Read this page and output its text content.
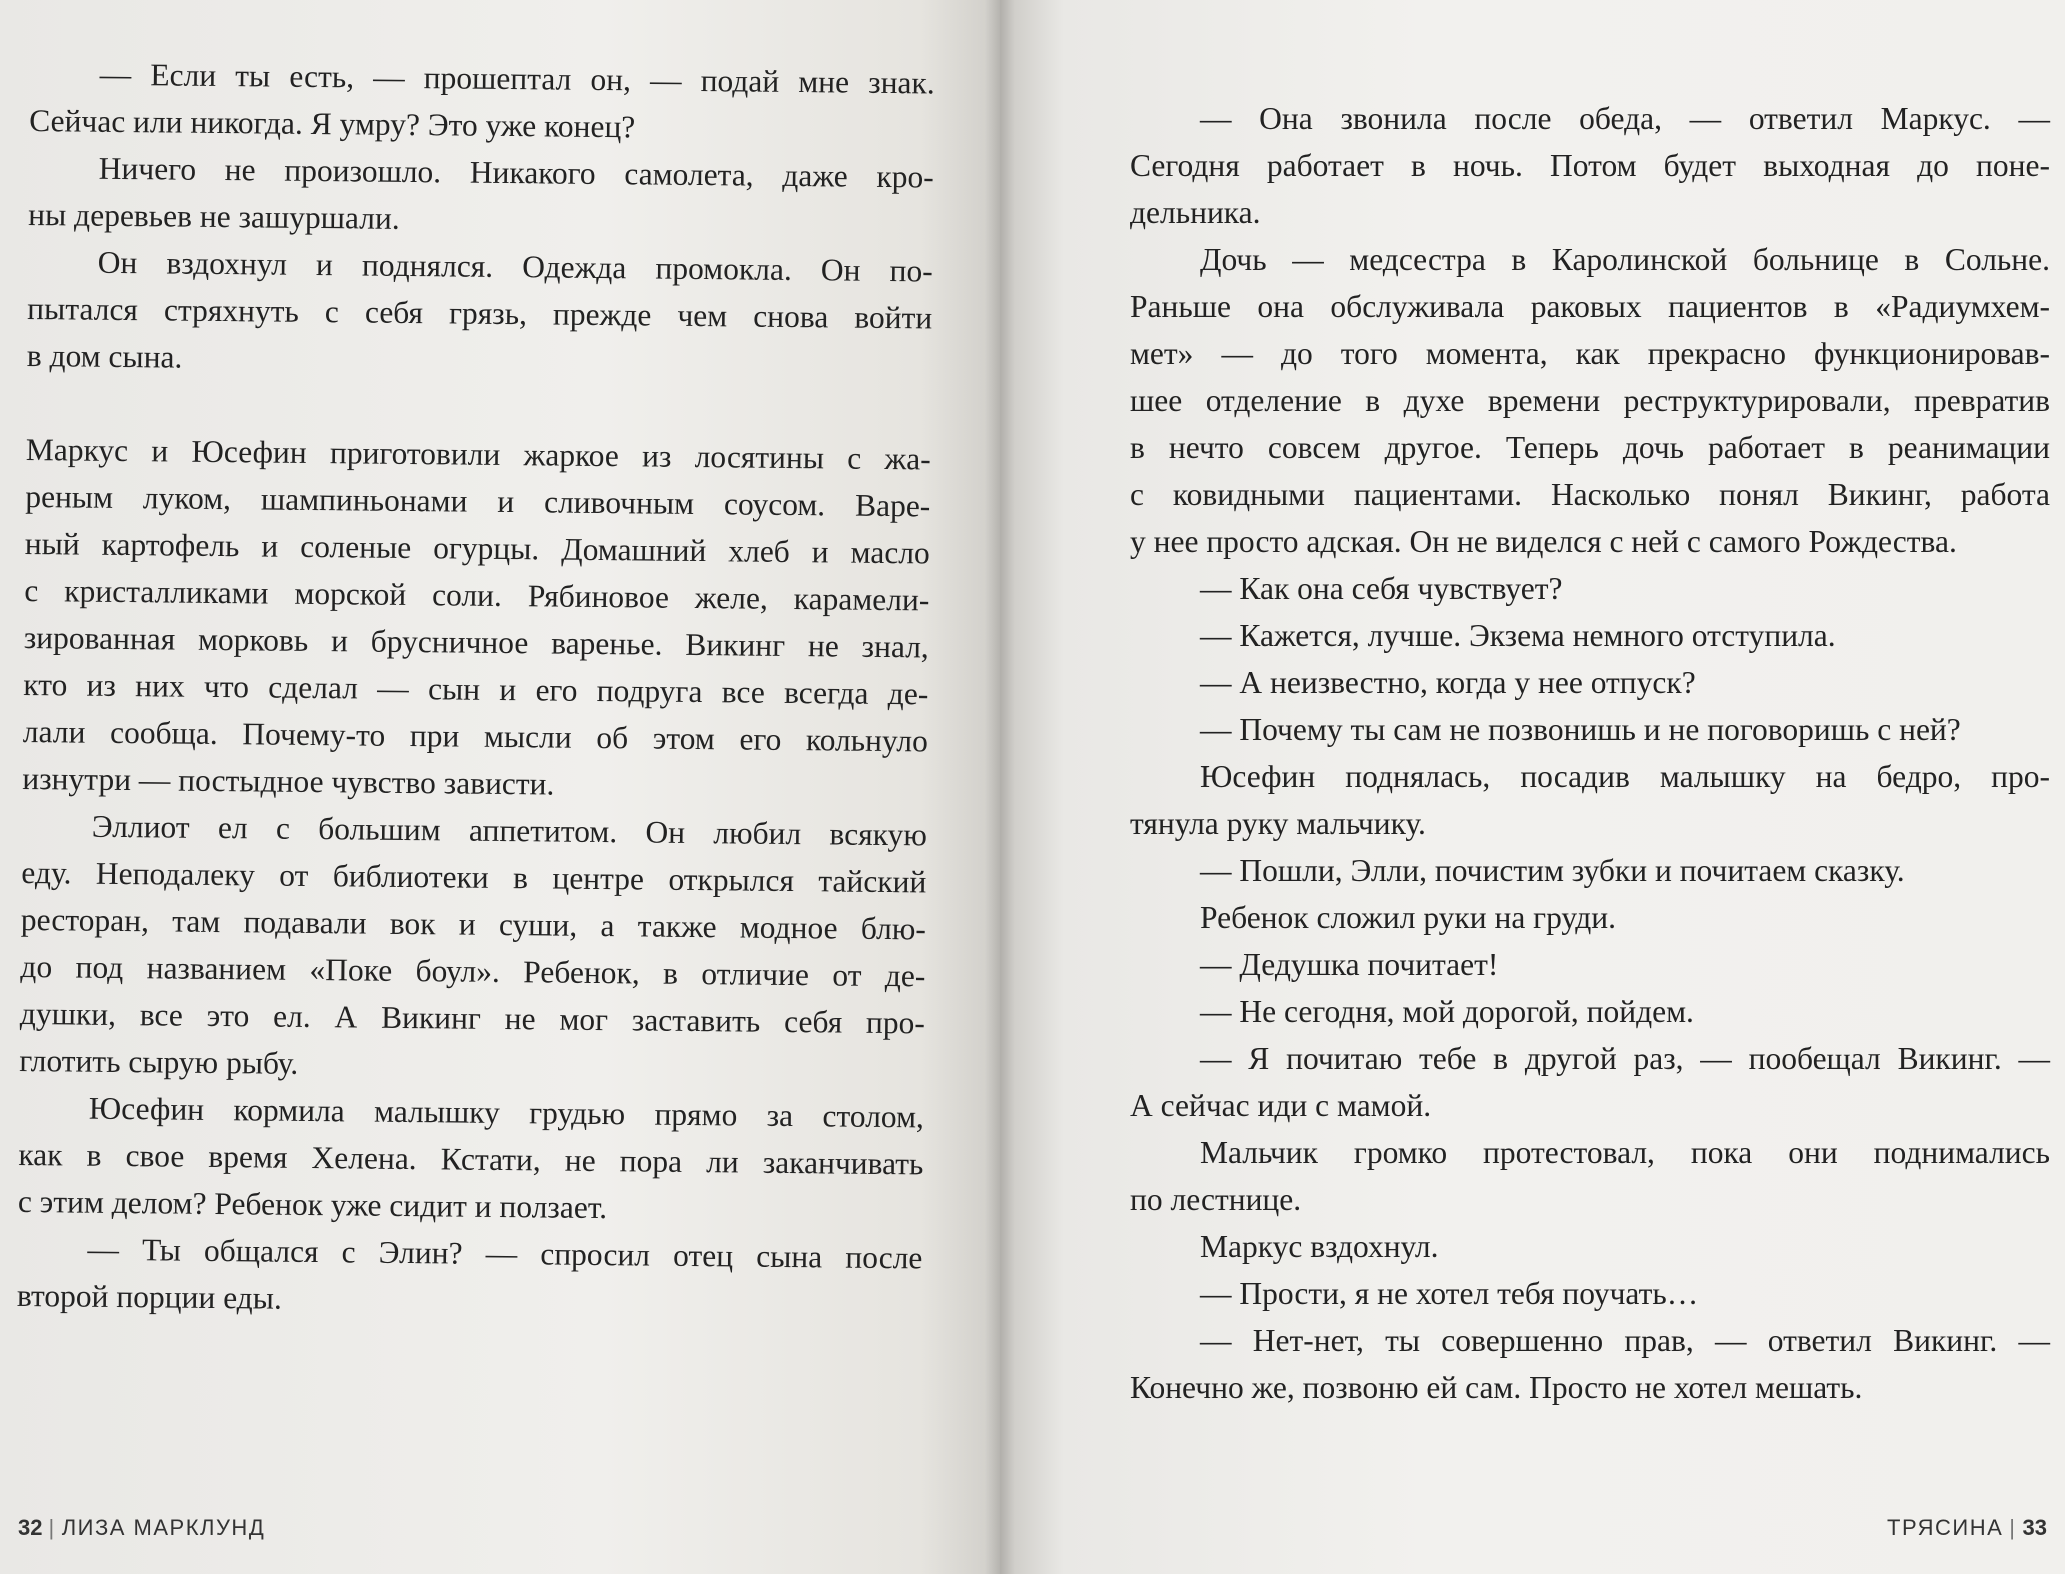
— Если ты есть, — прошептал он, — подай мне знак.
Сейчас или никогда. Я умру? Это уже конец?
Ничего не произошло. Никакого самолета, даже кро-
ны деревьев не зашуршали.
Он вздохнул и поднялся. Одежда промокла. Он по-
пытался стряхнуть с себя грязь, прежде чем снова войти
в дом сына.
Маркус и Юсефин приготовили жаркое из лосятины с жа-
реным луком, шампиньонами и сливочным соусом. Варе-
ный картофель и соленые огурцы. Домашний хлеб и масло
с кристалликами морской соли. Рябиновое желе, карамели-
зированная морковь и брусничное варенье. Викинг не знал,
кто из них что сделал — сын и его подруга все всегда де-
лали сообща. Почему-то при мысли об этом его кольнуло
изнутри — постыдное чувство зависти.
Эллиот ел с большим аппетитом. Он любил всякую
еду. Неподалеку от библиотеки в центре открылся тайский
ресторан, там подавали вок и суши, а также модное блю-
до под названием «Поке боул». Ребенок, в отличие от де-
душки, все это ел. А Викинг не мог заставить себя про-
глотить сырую рыбу.
Юсефин кормила малышку грудью прямо за столом,
как в свое время Хелена. Кстати, не пора ли заканчивать
с этим делом? Ребенок уже сидит и ползает.
— Ты общался с Элин? — спросил отец сына после
второй порции еды.
32 | ЛИЗА МАРКЛУНД
— Она звонила после обеда, — ответил Маркус. —
Сегодня работает в ночь. Потом будет выходная до поне-
дельника.
Дочь — медсестра в Каролинской больнице в Сольне.
Раньше она обслуживала раковых пациентов в «Радиумхем-
мет» — до того момента, как прекрасно функционировав-
шее отделение в духе времени реструктурировали, превратив
в нечто совсем другое. Теперь дочь работает в реанимации
с ковидными пациентами. Насколько понял Викинг, работа
у нее просто адская. Он не виделся с ней с самого Рождества.
— Как она себя чувствует?
— Кажется, лучше. Экзема немного отступила.
— А неизвестно, когда у нее отпуск?
— Почему ты сам не позвонишь и не поговоришь с ней?
Юсефин поднялась, посадив малышку на бедро, про-
тянула руку мальчику.
— Пошли, Элли, почистим зубки и почитаем сказку.
Ребенок сложил руки на груди.
— Дедушка почитает!
— Не сегодня, мой дорогой, пойдем.
— Я почитаю тебе в другой раз, — пообещал Викинг. —
А сейчас иди с мамой.
Мальчик громко протестовал, пока они поднимались
по лестнице.
Маркус вздохнул.
— Прости, я не хотел тебя поучать…
— Нет-нет, ты совершенно прав, — ответил Викинг. —
Конечно же, позвоню ей сам. Просто не хотел мешать.
ТРЯСИНА | 33
